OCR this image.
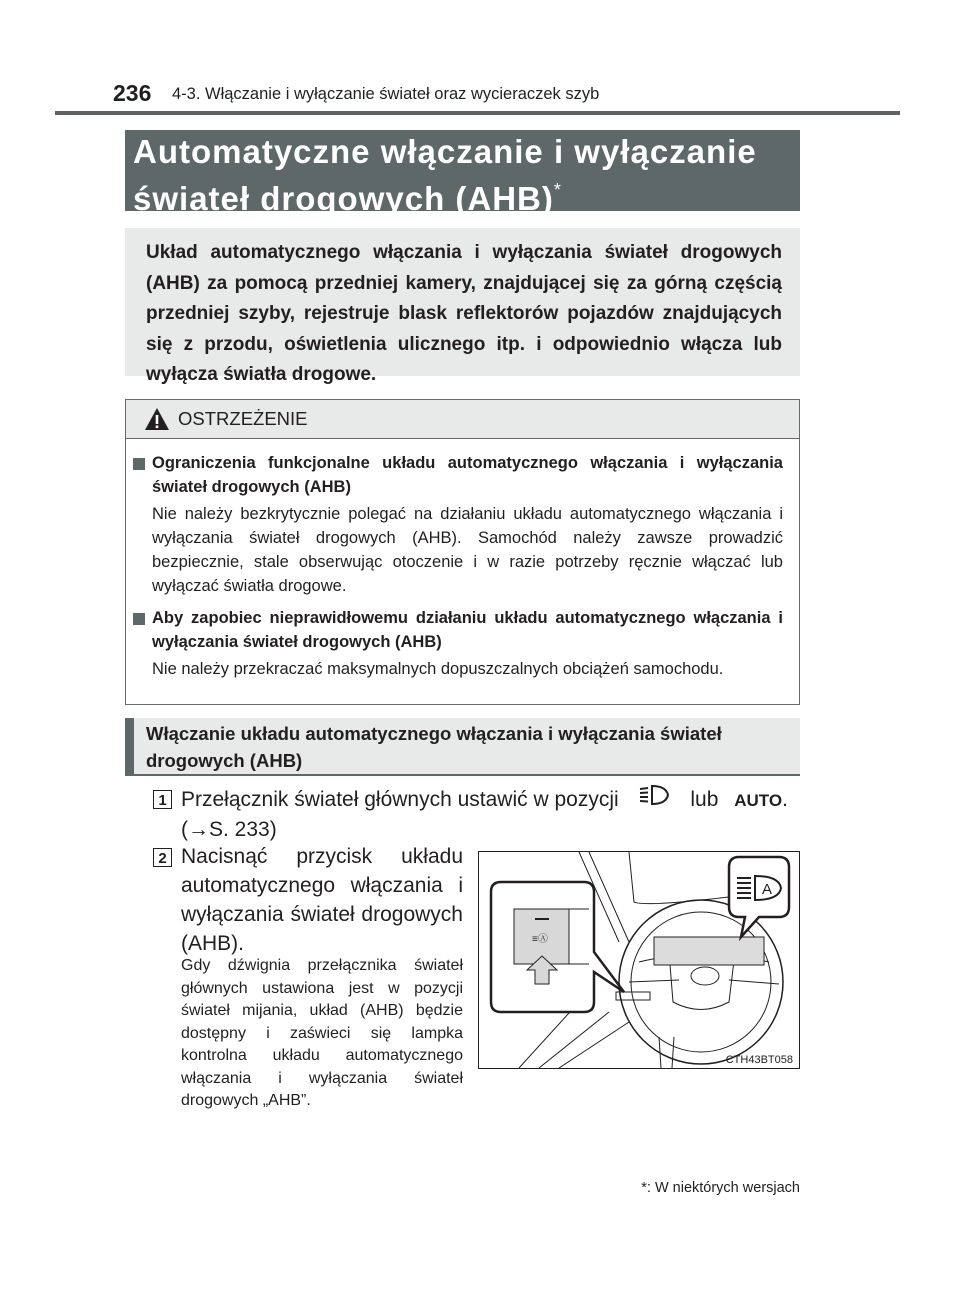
236 4-3. Włączanie i wyłączanie świateł oraz wycieraczek szyb
Automatyczne włączanie i wyłączanie
świateł drogowych (AHB)*
Układ automatycznego włączania i wyłączania świateł drogowych (AHB) za pomocą przedniej kamery, znajdującej się za górną częścią przedniej szyby, rejestruje blask reflektorów pojazdów znajdujących się z przodu, oświetlenia ulicznego itp. i odpowiednio włącza lub wyłącza światła drogowe.
OSTRZEŻENIE
Ograniczenia funkcjonalne układu automatycznego włączania i wyłączania świateł drogowych (AHB)
Nie należy bezkrytycznie polegać na działaniu układu automatycznego włączania i wyłączania świateł drogowych (AHB). Samochód należy zawsze prowadzić bezpiecznie, stale obserwując otoczenie i w razie potrzeby ręcznie włączać lub wyłączać światła drogowe.
Aby zapobiec nieprawidłowemu działaniu układu automatycznego włączania i wyłączania świateł drogowych (AHB)
Nie należy przekraczać maksymalnych dopuszczalnych obciążeń samochodu.
Włączanie układu automatycznego włączania i wyłączania świateł drogowych (AHB)
1 Przełącznik świateł głównych ustawić w pozycji	lub AUTO.
(→S. 233)
2 Nacisnąć przycisk układu automatycznego włączania i wyłączania świateł drogowych (AHB).
Gdy dźwignia przełącznika świateł głównych ustawiona jest w pozycji świateł mijania, układ (AHB) będzie dostępny i zaświeci się lampka kontrolna układu automatycznego włączania i wyłączania świateł drogowych „AHB”.
≡Ⓐ
A
CTH43BT058
*: W niektórych wersjach
